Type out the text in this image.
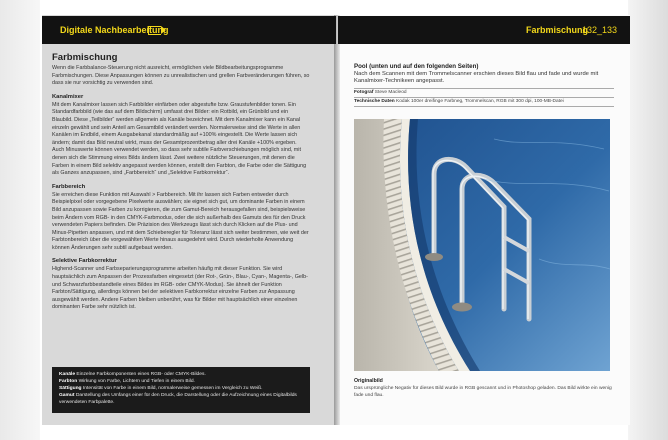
Digitale Nachbearbeitung	Farbmischung
132_133
Farbmischung

Wenn die Farbbalance-Steuerung nicht ausreicht, ermöglichen viele Bildbearbeitungsprogramme Farbmischungen. Diese Anpassungen können zu unrealistischen und grellen Farbveränderungen führen, so dass sie nur vorsichtig zu verwenden sind.

Kanalmixer

Mit dem Kanalmixer lassen sich Farbbilder einfärben oder abgestufte bzw. Graustufenbilder tonen. Ein Standardfarbbild (wie das auf dem Bildschirm) umfasst drei Bilder: ein Rotbild, ein Grünbild und ein Blaubild. Diese „Teilbilder“ werden allgemein als Kanäle bezeichnet. Mit dem Kanalmixer kann ein Kanal einzeln gewählt und sein Anteil am Gesamtbild verändert werden. Normalerweise sind die Werte in allen Kanälen im Endbild, einem Ausgabekanal standardmäßig auf +100% eingestellt. Die Werte lassen sich ändern; damit das Bild neutral wirkt, muss der Gesamtprozentbetrag aller drei Kanäle +100% ergeben. Auch Minuswerte können verwendet werden, so dass sehr subtile Farbverschiebungen möglich sind, mit denen sich die Stimmung eines Bilds ändern lässt. Zwei weitere nützliche Steuerungen, mit denen die Farben in einem Bild selektiv angepasst werden können, erstellt den Farbton, die Farbe oder die Sättigung als Ganzes anzupassen, sind „Farbbereich“ und „Selektive Farbkorrektur“.

Farbbereich

Sie erreichen diese Funktion mit Auswahl > Farbbereich. Mit ihr lassen sich Farben entweder durch Beispielpixel oder vorgegebene Pixelwerte auswählen; sie eignet sich gut, um dominante Farben in einem Bild anzupassen sowie Farben zu korrigieren, die zum Gamut-Bereich herausgefallen sind, beispielsweise beim Ändern vom RGB- in den CMYK-Farbmodus, oder die sich außerhalb des Gamuts des für den Druck verwendeten Papiers befinden. Die Präzision des Werkzeugs lässt sich durch Klicken auf die Plus- und Minus-Pipetten anpassen, und mit dem Schieberegler für Toleranz lässt sich weiter bestimmen, wie weit der Farbtonbereich über die vorgewählten Werte hinaus ausgedehnt wird. Durch wiederholte Anwendung können Änderungen sehr subtil aufgebaut werden.

Selektive Farbkorrektur

Highend-Scanner und Farbseparierungsprogramme arbeiten häufig mit dieser Funktion. Sie wird hauptsächlich zum Anpassen der Prozessfarben eingesetzt (der Rot-, Grün-, Blau-, Cyan-, Magenta-, Gelb- und Schwarzfarbbestandteile eines Bildes im RGB- oder CMYK-Modus). Sie ähnelt der Funktion Farbton/Sättigung, allerdings können bei der selektiven Farbkorrektur einzelne Farben zur Anpassung ausgewählt werden. Andere Farben bleiben unberührt, was für Bilder mit hauptsächlich einer einzelnen dominanten Farbe sehr nützlich ist.

Kanäle Einzelne Farbkomponenten eines RGB- oder CMYK-Bildes.
Farbton Wirkung von Farbe, Lichtern und Tiefen in einem Bild.
Sättigung Intensität von Farbe in einem Bild, normalerweise gemessen im Vergleich zu Weiß.
Gamut Darstellung des Umfangs einer für den Druck, die Darstellung oder die Aufzeichnung eines Digitalbilds verwendeten Farbpalette.
Pool (unten und auf den folgenden Seiten)
Nach dem Scannen mit dem Trommelscanner erschien dieses Bild flau und fade und wurde mit Kanalmixer-Technikeen angepasst.
Fotograf Steve Macleod
Technische Daten Kodak 100er dreifinge Farbneg, Trommelscan, RGB mit 300 dpi, 100-MB-Datei
Originalbild
Das ursprüngliche Negativ für dieses Bild wurde in RGB gescannt und in Photoshop geladen. Das Bild wirkte ein wenig fade und flau.
